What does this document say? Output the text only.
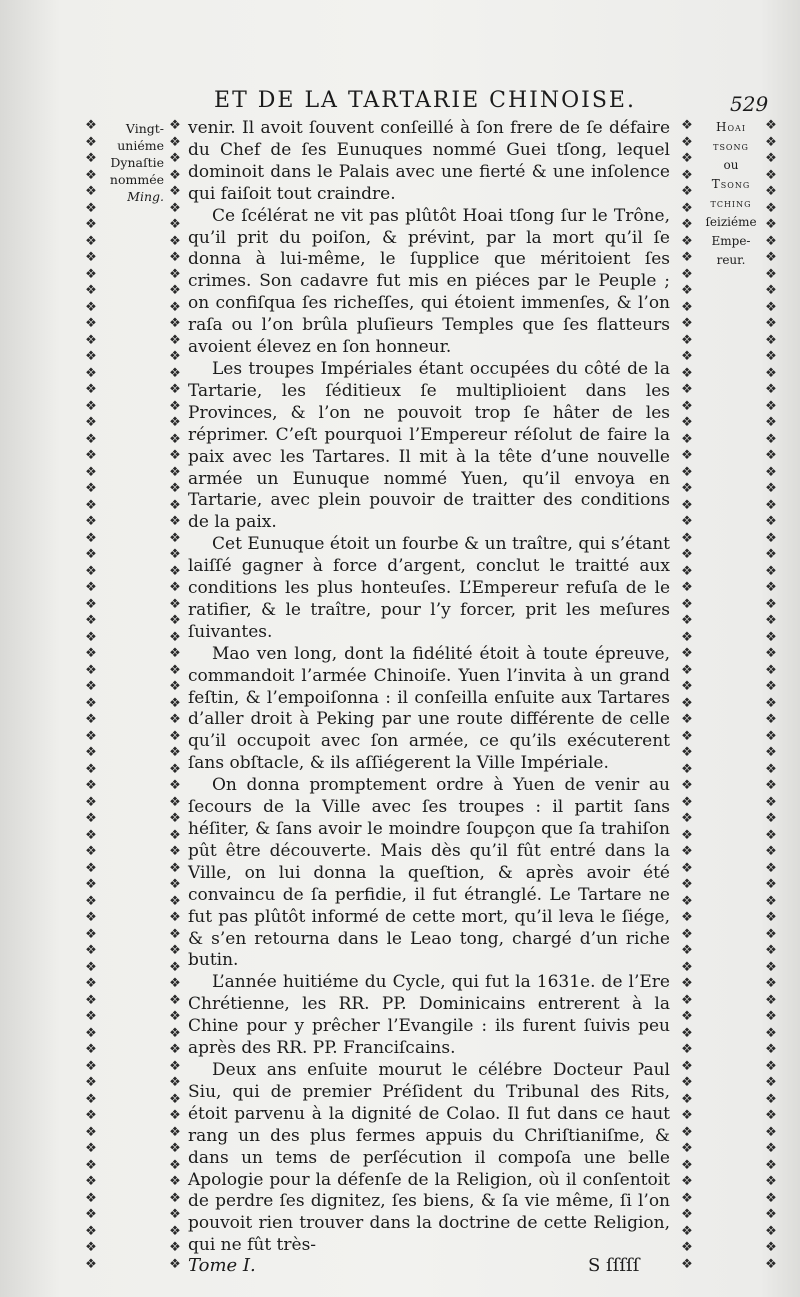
ET DE LA TARTARIE CHINOISE.	529
❖❖❖❖❖❖❖❖❖❖❖❖❖❖❖❖❖❖❖❖❖❖❖❖❖❖❖❖❖❖❖❖❖❖❖❖❖❖❖❖❖❖❖❖❖❖❖❖❖❖❖❖❖❖❖❖❖❖❖❖❖❖❖❖❖❖❖❖❖❖
❖❖❖❖❖❖❖❖❖❖❖❖❖❖❖❖❖❖❖❖❖❖❖❖❖❖❖❖❖❖❖❖❖❖❖❖❖❖❖❖❖❖❖❖❖❖❖❖❖❖❖❖❖❖❖❖❖❖❖❖❖❖❖❖❖❖❖❖❖❖
❖❖❖❖❖❖❖❖❖❖❖❖❖❖❖❖❖❖❖❖❖❖❖❖❖❖❖❖❖❖❖❖❖❖❖❖❖❖❖❖❖❖❖❖❖❖❖❖❖❖❖❖❖❖❖❖❖❖❖❖❖❖❖❖❖❖❖❖❖❖
❖❖❖❖❖❖❖❖❖❖❖❖❖❖❖❖❖❖❖❖❖❖❖❖❖❖❖❖❖❖❖❖❖❖❖❖❖❖❖❖❖❖❖❖❖❖❖❖❖❖❖❖❖❖❖❖❖❖❖❖❖❖❖❖❖❖❖❖❖❖
Vingt-
uniéme
Dynaſtie
nommée
Ming.
Hoai
tsong
ou
Tsong
tching
ſeiziéme
Empe-
reur.

venir. Il avoit ſouvent conſeillé à ſon frere de ſe défaire du Chef de ſes Eunuques nommé Guei tſong, lequel dominoit dans le Palais avec une fierté & une inſolence qui faiſoit tout craindre.

Ce ſcélérat ne vit pas plûtôt Hoai tſong ſur le Trône, qu’il prit du poiſon, & prévint, par la mort qu’il ſe donna à lui-même, le ſupplice que méritoient ſes crimes. Son cadavre fut mis en piéces par le Peuple ; on confiſqua ſes richeſſes, qui étoient immenſes, & l’on raſa ou l’on brûla pluſieurs Temples que ſes flatteurs avoient élevez en ſon honneur.

Les troupes Impériales étant occupées du côté de la Tartarie, les ſéditieux ſe multiplioient dans les Provinces, & l’on ne pouvoit trop ſe hâter de les réprimer. C’eſt pourquoi l’Empereur réſolut de faire la paix avec les Tartares. Il mit à la tête d’une nouvelle armée un Eunuque nommé Yuen, qu’il envoya en Tartarie, avec plein pouvoir de traitter des conditions de la paix.

Cet Eunuque étoit un fourbe & un traître, qui s’étant laiſſé gagner à force d’argent, conclut le traitté aux conditions les plus honteuſes. L’Empereur refuſa de le ratifier, & le traître, pour l’y forcer, prit les meſures ſuivantes.

Mao ven long, dont la fidélité étoit à toute épreuve, commandoit l’armée Chinoiſe. Yuen l’invita à un grand feſtin, & l’empoiſonna : il conſeilla enſuite aux Tartares d’aller droit à Peking par une route différente de celle qu’il occupoit avec ſon armée, ce qu’ils exécuterent ſans obſtacle, & ils aſſiégerent la Ville Impériale.

On donna promptement ordre à Yuen de venir au ſecours de la Ville avec ſes troupes : il partit ſans héſiter, & ſans avoir le moindre ſoupçon que ſa trahiſon pût être découverte. Mais dès qu’il fût entré dans la Ville, on lui donna la queſtion, & après avoir été convaincu de ſa perfidie, il fut étranglé. Le Tartare ne fut pas plûtôt informé de cette mort, qu’il leva le ſiége, & s’en retourna dans le Leao tong, chargé d’un riche butin.

L’année huitiéme du Cycle, qui fut la 1631e. de l’Ere Chrétienne, les RR. PP. Dominicains entrerent à la Chine pour y prêcher l’Evangile : ils furent ſuivis peu après des RR. PP. Franciſcains.

Deux ans enſuite mourut le célébre Docteur Paul Siu, qui de premier Préſident du Tribunal des Rits, étoit parvenu à la dignité de Colao. Il fut dans ce haut rang un des plus fermes appuis du Chriſtianiſme, & dans un tems de perſécution il compoſa une belle Apologie pour la défenſe de la Religion, où il conſentoit de perdre ſes dignitez, ſes biens, & ſa vie même, ſi l’on pouvoit rien trouver dans la doctrine de cette Religion, qui ne fût très-

Tome I.	S ſſſſſ
